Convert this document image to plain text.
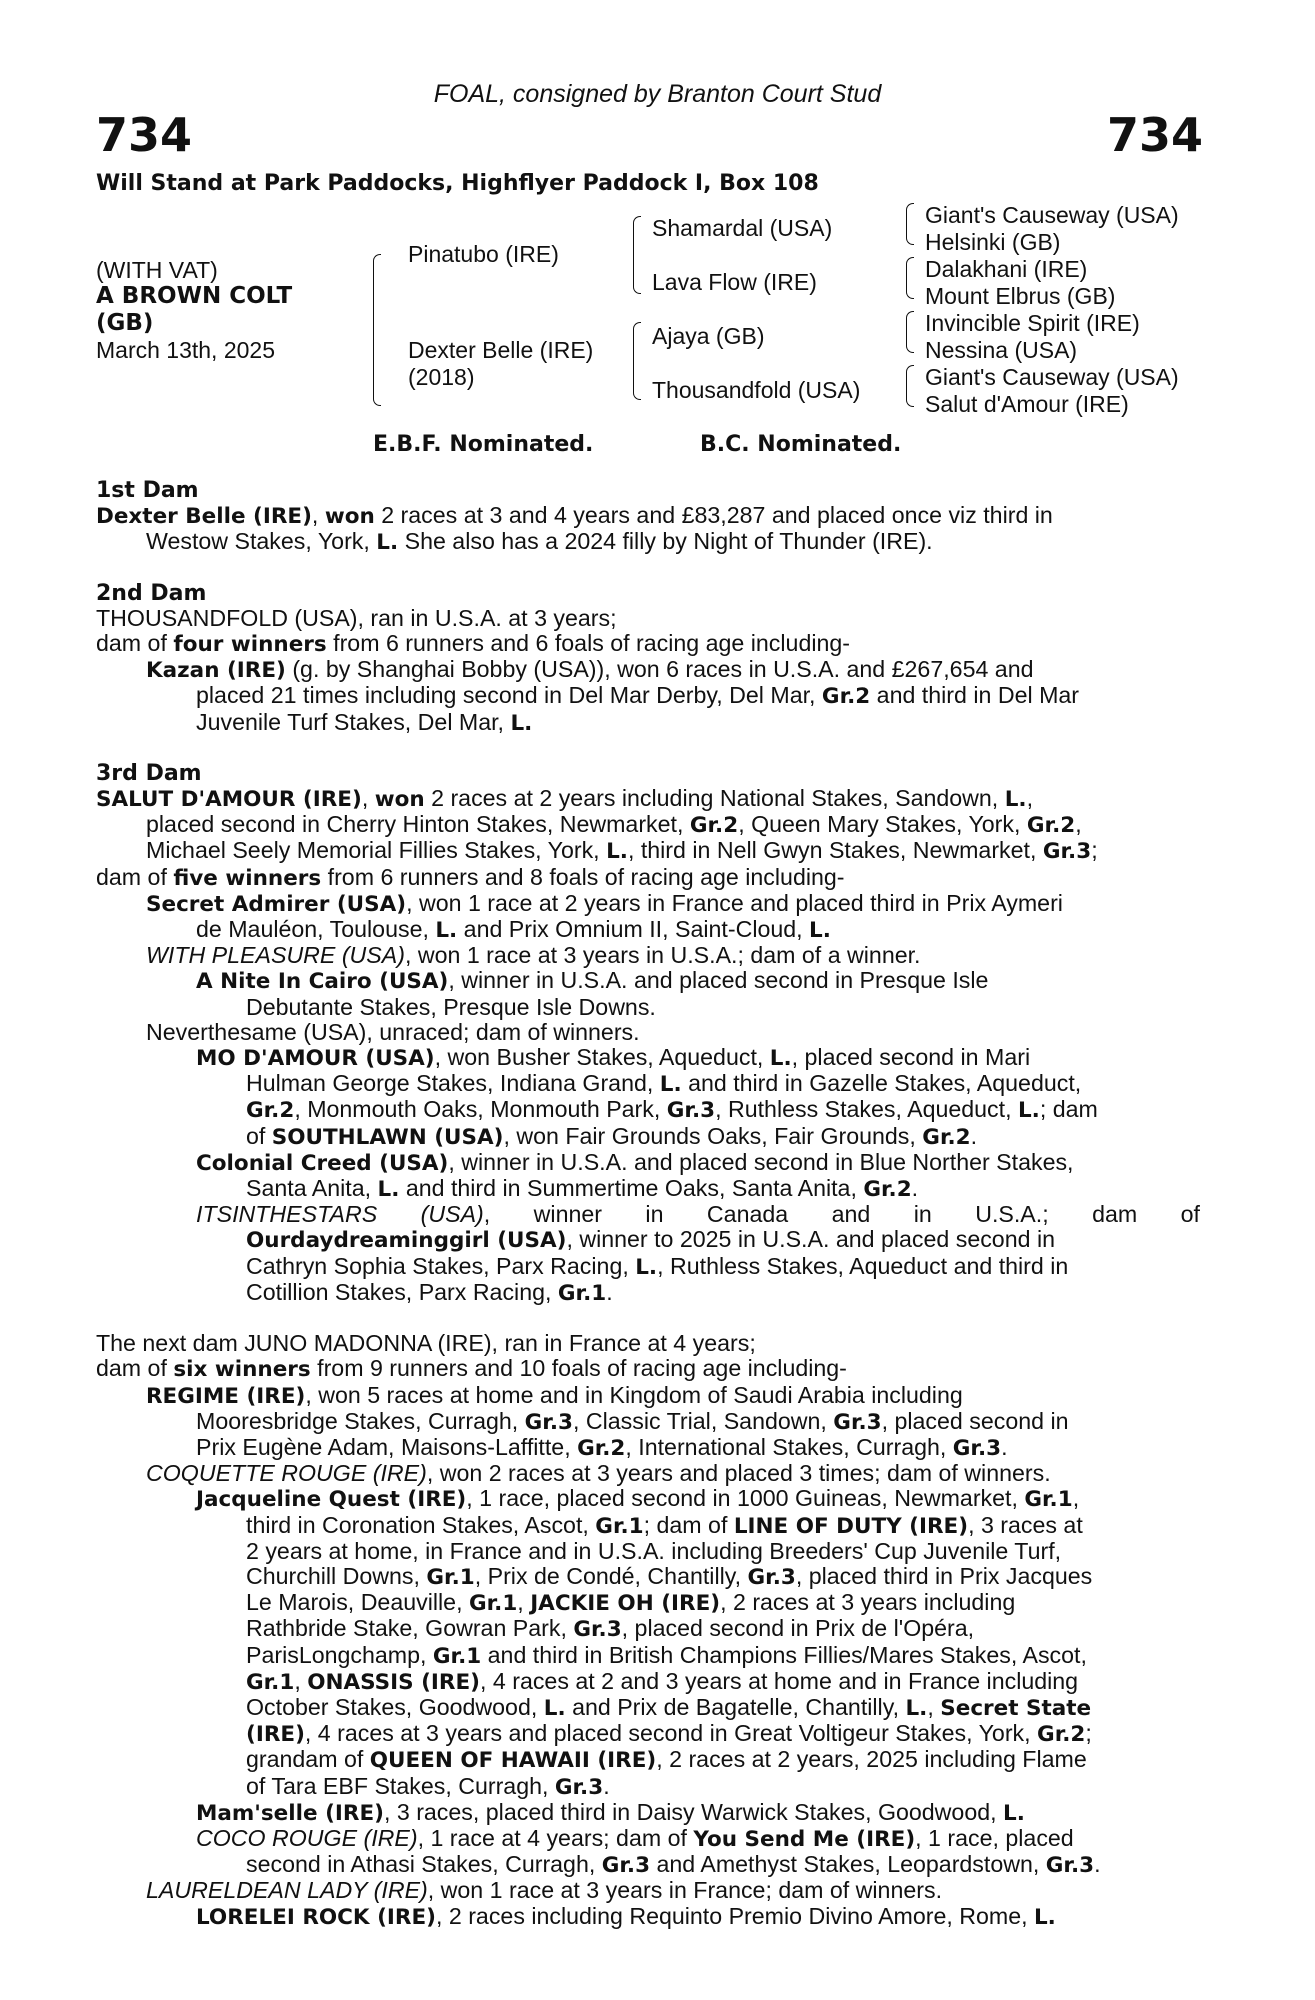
734	734
FOAL, consigned by Branton Court Stud
Will Stand at Park Paddocks, Highflyer Paddock I, Box 108
(WITH VAT)
A BROWN COLT
(GB)
March 13th, 2025
Pinatubo (IRE)
Dexter Belle (IRE)
(2018)
Shamardal (USA)
Lava Flow (IRE)
Ajaya (GB)
Thousandfold (USA)
Giant's Causeway (USA)
Helsinki (GB)
Dalakhani (IRE)
Mount Elbrus (GB)
Invincible Spirit (IRE)
Nessina (USA)
Giant's Causeway (USA)
Salut d'Amour (IRE)
E.B.F. Nominated.	B.C. Nominated.

1st Dam

Dexter Belle (IRE), won 2 races at 3 and 4 years and £83,287 and placed once viz third in

Westow Stakes, York, L. She also has a 2024 filly by Night of Thunder (IRE).

2nd Dam

THOUSANDFOLD (USA), ran in U.S.A. at 3 years;

dam of four winners from 6 runners and 6 foals of racing age including-

Kazan (IRE) (g. by Shanghai Bobby (USA)), won 6 races in U.S.A. and £267,654 and

placed 21 times including second in Del Mar Derby, Del Mar, Gr.2 and third in Del Mar

Juvenile Turf Stakes, Del Mar, L.

3rd Dam

SALUT D'AMOUR (IRE), won 2 races at 2 years including National Stakes, Sandown, L.,

placed second in Cherry Hinton Stakes, Newmarket, Gr.2, Queen Mary Stakes, York, Gr.2,

Michael Seely Memorial Fillies Stakes, York, L., third in Nell Gwyn Stakes, Newmarket, Gr.3;

dam of five winners from 6 runners and 8 foals of racing age including-

Secret Admirer (USA), won 1 race at 2 years in France and placed third in Prix Aymeri

de Mauléon, Toulouse, L. and Prix Omnium II, Saint-Cloud, L.

WITH PLEASURE (USA), won 1 race at 3 years in U.S.A.; dam of a winner.

A Nite In Cairo (USA), winner in U.S.A. and placed second in Presque Isle

Debutante Stakes, Presque Isle Downs.

Neverthesame (USA), unraced; dam of winners.

MO D'AMOUR (USA), won Busher Stakes, Aqueduct, L., placed second in Mari

Hulman George Stakes, Indiana Grand, L. and third in Gazelle Stakes, Aqueduct,

Gr.2, Monmouth Oaks, Monmouth Park, Gr.3, Ruthless Stakes, Aqueduct, L.; dam

of SOUTHLAWN (USA), won Fair Grounds Oaks, Fair Grounds, Gr.2.

Colonial Creed (USA), winner in U.S.A. and placed second in Blue Norther Stakes,

Santa Anita, L. and third in Summertime Oaks, Santa Anita, Gr.2.

ITSINTHESTARS (USA), winner in Canada and in U.S.A.; dam of

Ourdaydreaminggirl (USA), winner to 2025 in U.S.A. and placed second in

Cathryn Sophia Stakes, Parx Racing, L., Ruthless Stakes, Aqueduct and third in

Cotillion Stakes, Parx Racing, Gr.1.

The next dam JUNO MADONNA (IRE), ran in France at 4 years;

dam of six winners from 9 runners and 10 foals of racing age including-

REGIME (IRE), won 5 races at home and in Kingdom of Saudi Arabia including

Mooresbridge Stakes, Curragh, Gr.3, Classic Trial, Sandown, Gr.3, placed second in

Prix Eugène Adam, Maisons-Laffitte, Gr.2, International Stakes, Curragh, Gr.3.

COQUETTE ROUGE (IRE), won 2 races at 3 years and placed 3 times; dam of winners.

Jacqueline Quest (IRE), 1 race, placed second in 1000 Guineas, Newmarket, Gr.1,

third in Coronation Stakes, Ascot, Gr.1; dam of LINE OF DUTY (IRE), 3 races at

2 years at home, in France and in U.S.A. including Breeders' Cup Juvenile Turf,

Churchill Downs, Gr.1, Prix de Condé, Chantilly, Gr.3, placed third in Prix Jacques

Le Marois, Deauville, Gr.1, JACKIE OH (IRE), 2 races at 3 years including

Rathbride Stake, Gowran Park, Gr.3, placed second in Prix de l'Opéra,

ParisLongchamp, Gr.1 and third in British Champions Fillies/Mares Stakes, Ascot,

Gr.1, ONASSIS (IRE), 4 races at 2 and 3 years at home and in France including

October Stakes, Goodwood, L. and Prix de Bagatelle, Chantilly, L., Secret State

(IRE), 4 races at 3 years and placed second in Great Voltigeur Stakes, York, Gr.2;

grandam of QUEEN OF HAWAII (IRE), 2 races at 2 years, 2025 including Flame

of Tara EBF Stakes, Curragh, Gr.3.

Mam'selle (IRE), 3 races, placed third in Daisy Warwick Stakes, Goodwood, L.

COCO ROUGE (IRE), 1 race at 4 years; dam of You Send Me (IRE), 1 race, placed

second in Athasi Stakes, Curragh, Gr.3 and Amethyst Stakes, Leopardstown, Gr.3.

LAURELDEAN LADY (IRE), won 1 race at 3 years in France; dam of winners.

LORELEI ROCK (IRE), 2 races including Requinto Premio Divino Amore, Rome, L.
